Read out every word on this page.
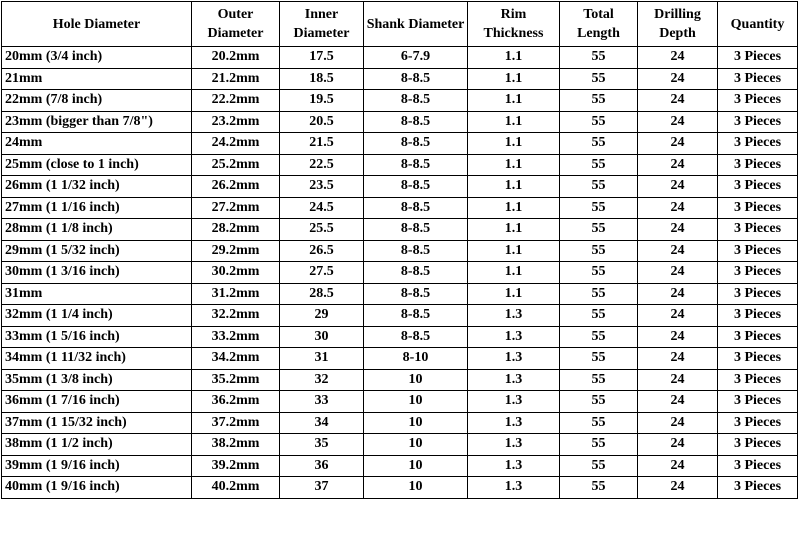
Hole Diameter	Outer Diameter	Inner Diameter	Shank Diameter	Rim Thickness	Total Length	Drilling Depth	Quantity
20mm (3/4 inch)	20.2mm	17.5	6-7.9	1.1	55	24	3 Pieces
21mm	21.2mm	18.5	8-8.5	1.1	55	24	3 Pieces
22mm (7/8 inch)	22.2mm	19.5	8-8.5	1.1	55	24	3 Pieces
23mm (bigger than 7/8")	23.2mm	20.5	8-8.5	1.1	55	24	3 Pieces
24mm	24.2mm	21.5	8-8.5	1.1	55	24	3 Pieces
25mm (close to 1 inch)	25.2mm	22.5	8-8.5	1.1	55	24	3 Pieces
26mm (1 1/32 inch)	26.2mm	23.5	8-8.5	1.1	55	24	3 Pieces
27mm (1 1/16 inch)	27.2mm	24.5	8-8.5	1.1	55	24	3 Pieces
28mm (1 1/8 inch)	28.2mm	25.5	8-8.5	1.1	55	24	3 Pieces
29mm (1 5/32 inch)	29.2mm	26.5	8-8.5	1.1	55	24	3 Pieces
30mm (1 3/16 inch)	30.2mm	27.5	8-8.5	1.1	55	24	3 Pieces
31mm	31.2mm	28.5	8-8.5	1.1	55	24	3 Pieces
32mm (1 1/4 inch)	32.2mm	29	8-8.5	1.3	55	24	3 Pieces
33mm (1 5/16 inch)	33.2mm	30	8-8.5	1.3	55	24	3 Pieces
34mm (1 11/32 inch)	34.2mm	31	8-10	1.3	55	24	3 Pieces
35mm (1 3/8 inch)	35.2mm	32	10	1.3	55	24	3 Pieces
36mm (1 7/16 inch)	36.2mm	33	10	1.3	55	24	3 Pieces
37mm (1 15/32 inch)	37.2mm	34	10	1.3	55	24	3 Pieces
38mm (1 1/2 inch)	38.2mm	35	10	1.3	55	24	3 Pieces
39mm (1 9/16 inch)	39.2mm	36	10	1.3	55	24	3 Pieces
40mm (1 9/16 inch)	40.2mm	37	10	1.3	55	24	3 Pieces
